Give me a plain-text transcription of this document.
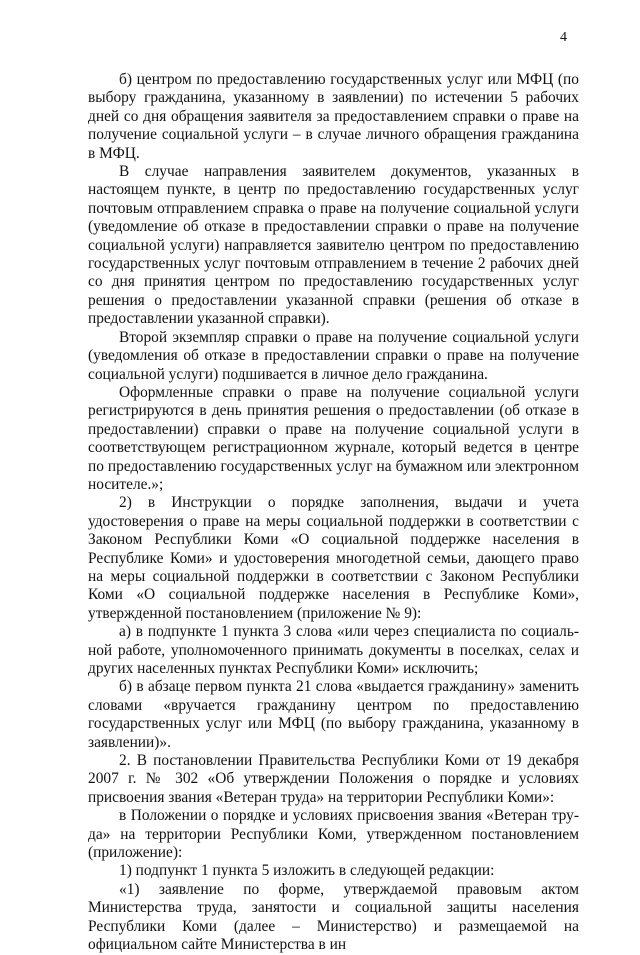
4

б) центром по предоставлению государственных услуг или МФЦ (по выбору гражданина, указанному в заявлении) по истечении 5 рабочих дней со дня обращения заявителя за предоставлением справки о праве на получение социальной услуги – в случае личного обращения гражданина в МФЦ.

В случае направления заявителем документов, указанных в настоящем пункте, в центр по предоставлению государственных услуг почтовым отправлением справка о праве на получение социальной услуги (уведомление об отказе в предоставлении справки о праве на получение социальной услуги) направляется заявителю центром по предоставлению государственных услуг почтовым отправлением в течение 2 рабочих дней со дня принятия центром по предоставлению государственных услуг решения о предоставлении указанной справки (решения об отказе в предоставлении указанной справки).

Второй экземпляр справки о праве на получение социальной услуги (уведомления об отказе в предоставлении справки о праве на получение социальной услуги) подшивается в личное дело гражданина.

Оформленные справки о праве на получение социальной услуги регистрируются в день принятия решения о предоставлении (об отказе в предоставлении) справки о праве на получение социальной услуги в соответствующем регистрационном журнале, который ведется в центре по предоставлению государственных услуг на бумажном или электронном носителе.»;

2) в Инструкции о порядке заполнения, выдачи и учета удостоверения о праве на меры социальной поддержки в соответствии с Законом Республики Коми «О социальной поддержке населения в Республике Коми» и удостоверения многодетной семьи, дающего право на меры социальной поддержки в соответствии с Законом Республики Коми «О социальной поддержке населения в Республике Коми», утвержденной постановлением (приложение № 9):

а) в подпункте 1 пункта 3 слова «или через специалиста по социальной работе, уполномоченного принимать документы в поселках, селах и других населенных пунктах Республики Коми» исключить;

б) в абзаце первом пункта 21 слова «выдается гражданину» заменить словами «вручается гражданину центром по предоставлению государственных услуг или МФЦ (по выбору гражданина, указанному в заявлении)».

2. В постановлении Правительства Республики Коми от 19 декабря 2007 г. № 302 «Об утверждении Положения о порядке и условиях присвоения звания «Ветеран труда» на территории Республики Коми»:

в Положении о порядке и условиях присвоения звания «Ветеран труда» на территории Республики Коми, утвержденном постановлением (приложение):

1) подпункт 1 пункта 5 изложить в следующей редакции:

«1) заявление по форме, утверждаемой правовым актом Министерства труда, занятости и социальной защиты населения Республики Коми (далее – Министерство) и размещаемой на официальном сайте Министерства в ин
